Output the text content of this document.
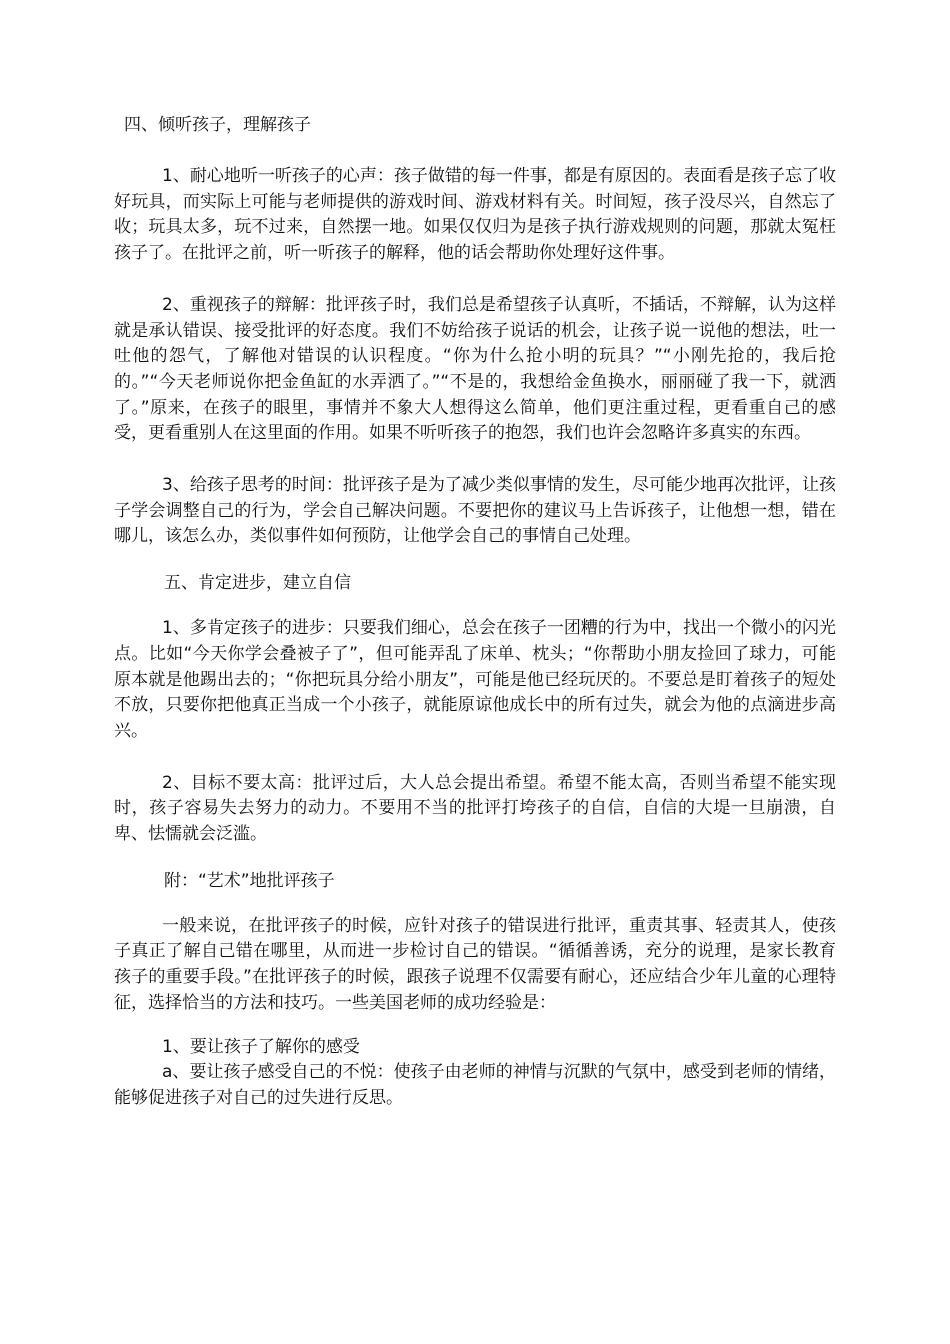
四、倾听孩子，理解孩子

1、耐心地听一听孩子的心声：孩子做错的每一件事，都是有原因的。表面看是孩子忘了收好玩具，而实际上可能与老师提供的游戏时间、游戏材料有关。时间短，孩子没尽兴，自然忘了收；玩具太多，玩不过来，自然摆一地。如果仅仅归为是孩子执行游戏规则的问题，那就太冤枉孩子了。在批评之前，听一听孩子的解释，他的话会帮助你处理好这件事。

2、重视孩子的辩解：批评孩子时，我们总是希望孩子认真听，不插话，不辩解，认为这样就是承认错误、接受批评的好态度。我们不妨给孩子说话的机会，让孩子说一说他的想法，吐一吐他的怨气，了解他对错误的认识程度。“你为什么抢小明的玩具？”“小刚先抢的，我后抢的。”“今天老师说你把金鱼缸的水弄洒了。”“不是的，我想给金鱼换水，丽丽碰了我一下，就洒了。”原来，在孩子的眼里，事情并不象大人想得这么简单，他们更注重过程，更看重自己的感受，更看重别人在这里面的作用。如果不听听孩子的抱怨，我们也许会忽略许多真实的东西。

3、给孩子思考的时间：批评孩子是为了减少类似事情的发生，尽可能少地再次批评，让孩子学会调整自己的行为，学会自己解决问题。不要把你的建议马上告诉孩子，让他想一想，错在哪儿，该怎么办，类似事件如何预防，让他学会自己的事情自己处理。

五、肯定进步，建立自信

1、多肯定孩子的进步：只要我们细心，总会在孩子一团糟的行为中，找出一个微小的闪光点。比如“今天你学会叠被子了”，但可能弄乱了床单、枕头；“你帮助小朋友捡回了球力，可能原本就是他踢出去的；“你把玩具分给小朋友”，可能是他已经玩厌的。不要总是盯着孩子的短处不放，只要你把他真正当成一个小孩子，就能原谅他成长中的所有过失，就会为他的点滴进步高兴。

2、目标不要太高：批评过后，大人总会提出希望。希望不能太高，否则当希望不能实现时，孩子容易失去努力的动力。不要用不当的批评打垮孩子的自信，自信的大堤一旦崩溃，自卑、怯懦就会泛滥。

附：“艺术”地批评孩子

一般来说，在批评孩子的时候，应针对孩子的错误进行批评，重责其事、轻责其人，使孩子真正了解自己错在哪里，从而进一步检讨自己的错误。“循循善诱，充分的说理，是家长教育孩子的重要手段。”在批评孩子的时候，跟孩子说理不仅需要有耐心，还应结合少年儿童的心理特征，选择恰当的方法和技巧。一些美国老师的成功经验是：

1、要让孩子了解你的感受

a、要让孩子感受自己的不悦：使孩子由老师的神情与沉默的气氛中，感受到老师的情绪，能够促进孩子对自己的过失进行反思。
